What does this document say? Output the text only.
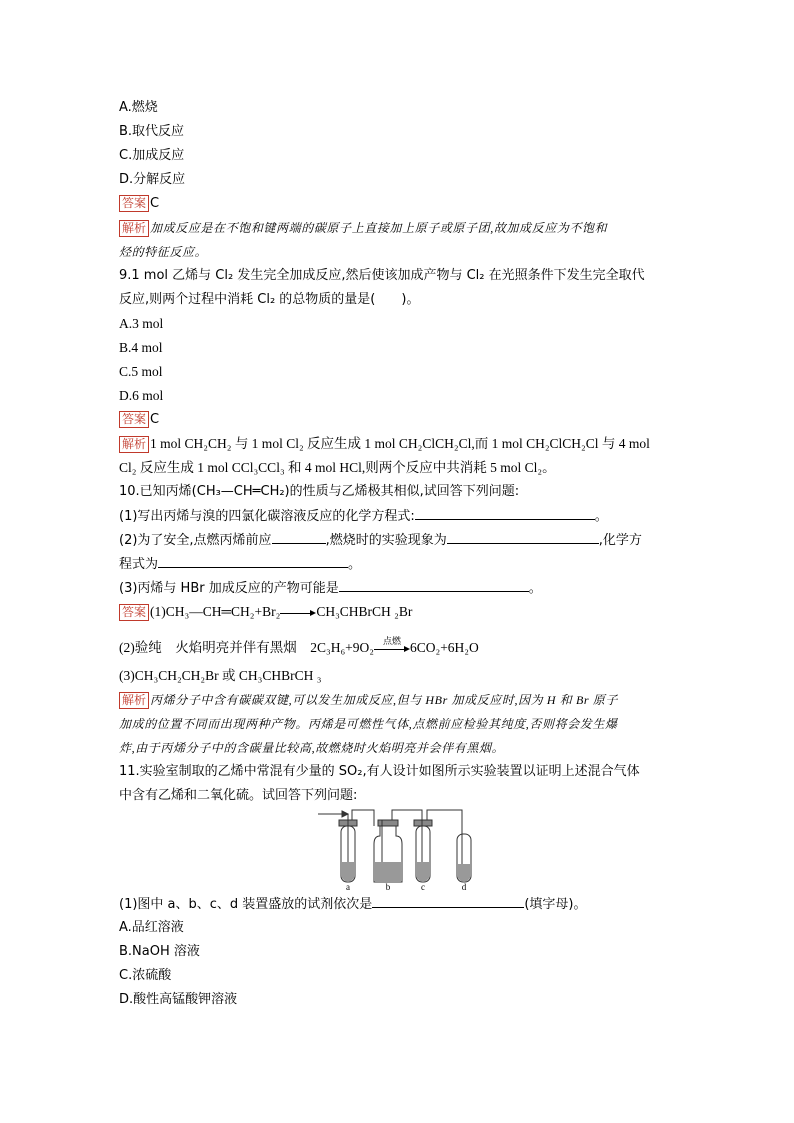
A.燃烧
B.取代反应
C.加成反应
D.分解反应
答案 C
解析 加成反应是在不饱和键两端的碳原子上直接加上原子或原子团,故加成反应为不饱和
烃的特征反应。
9.1 mol 乙烯与 Cl₂ 发生完全加成反应,然后使该加成产物与 Cl₂ 在光照条件下发生完全取代
反应,则两个过程中消耗 Cl₂ 的总物质的量是(　　)。
A.3 mol
B.4 mol
C.5 mol
D.6 mol
答案 C
解析 1 mol CH₂CH₂ 与 1 mol Cl₂ 反应生成 1 mol CH₂ClCH₂Cl,而 1 mol CH₂ClCH₂Cl 与 4 mol
Cl₂ 反应生成 1 mol CCl₃CCl₃ 和 4 mol HCl,则两个反应中共消耗 5 mol Cl₂。
10.已知丙烯(CH₃—CH═CH₂)的性质与乙烯极其相似,试回答下列问题:
(1)写出丙烯与溴的四氯化碳溶液反应的化学方程式:	。
(2)为了安全,点燃丙烯前应	,燃烧时的实验现象为	,化学方
程式为	。
(3)丙烯与 HBr 加成反应的产物可能是	。
答案 (1)CH₃—CH═CH₂+Br₂	CH₃CHBrCH ₂Br
(2)验纯　火焰明亮并伴有黑烟　2C₃H₆+9O₂ 点燃 6CO₂+6H₂O
(3)CH₃CH₂CH₂Br 或 CH₃CHBrCH ₃
解析 丙烯分子中含有碳碳双键,可以发生加成反应,但与 HBr 加成反应时,因为 H 和 Br 原子
加成的位置不同而出现两种产物。丙烯是可燃性气体,点燃前应检验其纯度,否则将会发生爆
炸,由于丙烯分子中的含碳量比较高,故燃烧时火焰明亮并会伴有黑烟。
11.实验室制取的乙烯中常混有少量的 SO₂,有人设计如图所示实验装置以证明上述混合气体
中含有乙烯和二氧化硫。试回答下列问题:
a	b	c	d
(1)图中 a、b、c、d 装置盛放的试剂依次是	(填字母)。
A.品红溶液
B.NaOH 溶液
C.浓硫酸
D.酸性高锰酸钾溶液
